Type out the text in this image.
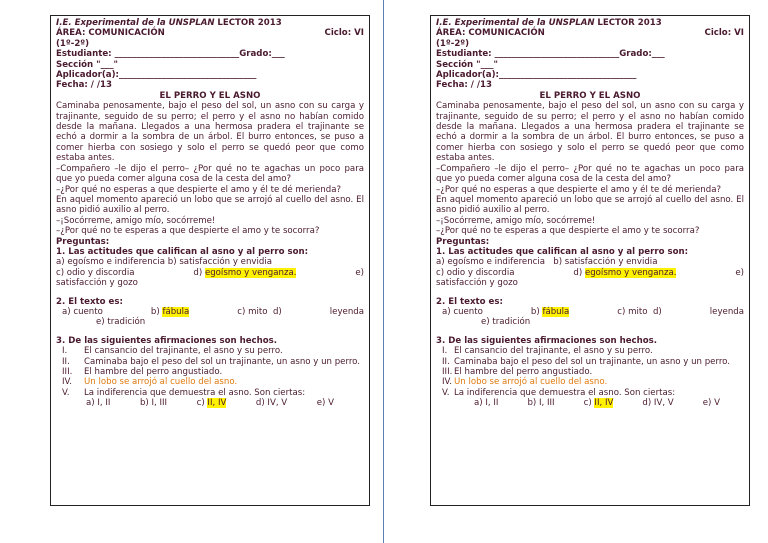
I.E. Experimental de la UNSPLAN LECTOR 2013
ÁREA: COMUNICACIÓN	Ciclo: VI
(1º-2º)
Estudiante: _____________________________Grado:___
Sección "___"
Aplicador(a):________________________________
Fecha: / /13
EL PERRO Y EL ASNO
Caminaba penosamente, bajo el peso del sol, un asno con su carga y trajinante, seguido de su perro; el perro y el asno no habían comido desde la mañana. Llegados a una hermosa pradera el trajinante se echó a dormir a la sombra de un árbol. El burro entonces, se puso a comer hierba con sosiego y solo el perro se quedó peor que como estaba antes.
–Compañero –le dijo el perro– ¿Por qué no te agachas un poco para que yo pueda comer alguna cosa de la cesta del amo?
–¿Por qué no esperas a que despierte el amo y él te dé merienda?
En aquel momento apareció un lobo que se arrojó al cuello del asno. El asno pidió auxilio al perro.
–¡Socórreme, amigo mío, socórreme!
–¿Por qué no te esperas a que despierte el amo y te socorra?
Preguntas:
1. Las actitudes que califican al asno y al perro son:
a) egoísmo e indiferencia b) satisfacción y envidia
c) odio y discordia	d) egoísmo y venganza.	e)
satisfacción y gozo
2. El texto es:
a) cuento	b) fábula	c) mito d)	leyenda
e) tradición
3. De las siguientes afirmaciones son hechos.
I.	El cansancio del trajinante, el asno y su perro.
II.	Caminaba bajo el peso del sol un trajinante, un asno y un perro.
III.	El hambre del perro angustiado.
IV.	Un lobo se arrojó al cuello del asno.
V.	La indiferencia que demuestra el asno. Son ciertas:
a) I, II	b) I, III	c) II, IV	d) IV, V	e) V
I.E. Experimental de la UNSPLAN LECTOR 2013
ÁREA: COMUNICACIÓN	Ciclo: VI
(1º-2º)
Estudiante: _____________________________Grado:___
Sección "___"
Aplicador(a):________________________________
Fecha: / /13
EL PERRO Y EL ASNO
Caminaba penosamente, bajo el peso del sol, un asno con su carga y trajinante, seguido de su perro; el perro y el asno no habían comido desde la mañana. Llegados a una hermosa pradera el trajinante se echó a dormir a la sombra de un árbol. El burro entonces, se puso a comer hierba con sosiego y solo el perro se quedó peor que como estaba antes.
–Compañero –le dijo el perro– ¿Por qué no te agachas un poco para que yo pueda comer alguna cosa de la cesta del amo?
–¿Por qué no esperas a que despierte el amo y él te dé merienda?
En aquel momento apareció un lobo que se arrojó al cuello del asno. El asno pidió auxilio al perro.
–¡Socórreme, amigo mío, socórreme!
–¿Por qué no te esperas a que despierte el amo y te socorra?
Preguntas:
1. Las actitudes que califican al asno y al perro son:
a) egoísmo e indiferencia b) satisfacción y envidia
c) odio y discordia	d) egoísmo y venganza.	e)
satisfacción y gozo
2. El texto es:
a) cuento	b) fábula	c) mito d)	leyenda
e) tradición
3. De las siguientes afirmaciones son hechos.
I. El cansancio del trajinante, el asno y su perro.
II. Caminaba bajo el peso del sol un trajinante, un asno y un perro.
III. El hambre del perro angustiado.
IV. Un lobo se arrojó al cuello del asno.
V. La indiferencia que demuestra el asno. Son ciertas:
a) I, II	b) I, III	c) II, IV	d) IV, V	e) V
